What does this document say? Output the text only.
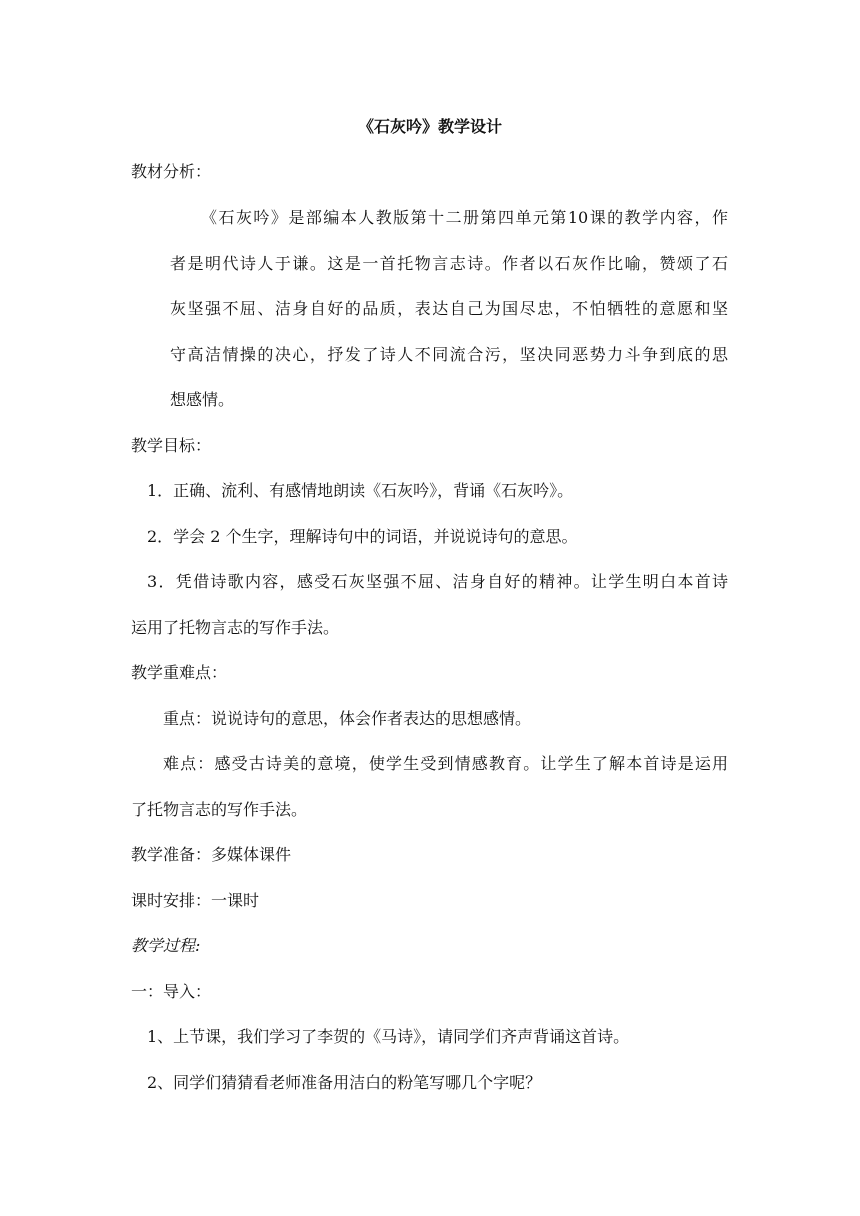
《石灰吟》教学设计
教材分析：
《石灰吟》是部编本人教版第十二册第四单元第10课的教学内容，作
者是明代诗人于谦。这是一首托物言志诗。作者以石灰作比喻，赞颂了石
灰坚强不屈、洁身自好的品质，表达自己为国尽忠，不怕牺牲的意愿和坚
守高洁情操的决心，抒发了诗人不同流合污，坚决同恶势力斗争到底的思
想感情。
教学目标：
1．正确、流利、有感情地朗读《石灰吟》，背诵《石灰吟》。
2．学会 2 个生字，理解诗句中的词语，并说说诗句的意思。
3．凭借诗歌内容，感受石灰坚强不屈、洁身自好的精神。让学生明白本首诗
运用了托物言志的写作手法。
教学重难点：
重点：说说诗句的意思，体会作者表达的思想感情。
难点：感受古诗美的意境，使学生受到情感教育。让学生了解本首诗是运用
了托物言志的写作手法。
教学准备：多媒体课件
课时安排：一课时
教学过程:
一：导入：
1、上节课，我们学习了李贺的《马诗》，请同学们齐声背诵这首诗。
2、同学们猜猜看老师准备用洁白的粉笔写哪几个字呢？
